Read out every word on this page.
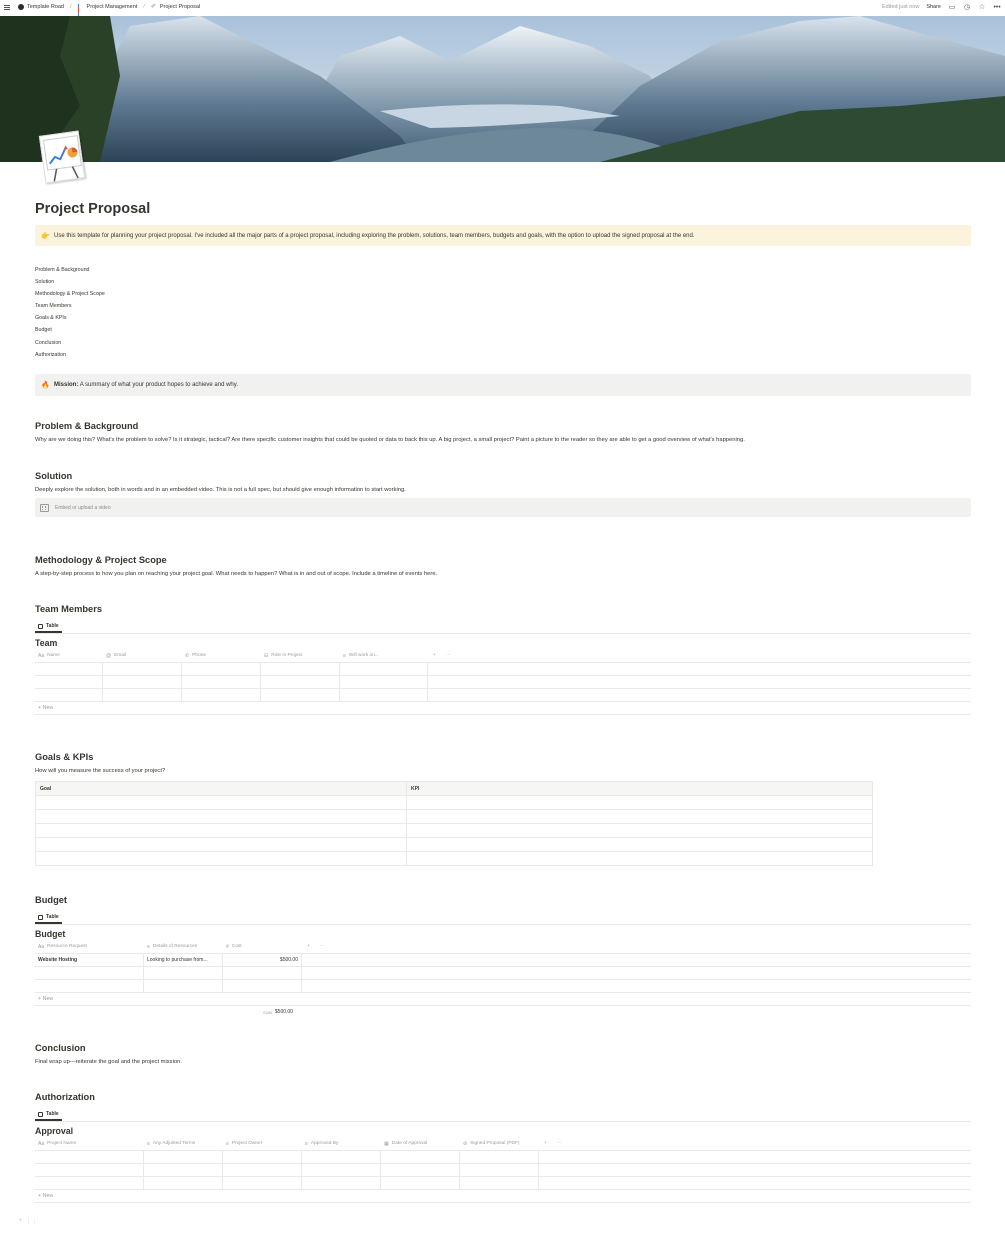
Template Road /	Project Management / ✐ Project Proposal	Edited just now Share ▭ ◷ ☆ •••
Project Proposal
👉 Use this template for planning your project proposal. I've included all the major parts of a project proposal, including exploring the problem, solutions, team members, budgets and goals, with the option to upload the signed proposal at the end.
Problem & Background
Solution
Methodology & Project Scope
Team Members
Goals & KPIs
Budget
Conclusion
Authorization
🔥 Mission: A summary of what your product hopes to achieve and why.
Problem & Background

Why are we doing this? What's the problem to solve? Is it strategic, tactical? Are there specific customer insights that could be quoted or data to back this up. A big project, a small project? Paint a picture to the reader so they are able to get a good overview of what's happening.

Solution

Deeply explore the solution, both in words and in an embedded video. This is not a full spec, but should give enough information to start working.

Embed or upload a video
Methodology & Project Scope

A step-by-step process to how you plan on reaching your project goal. What needs to happen? What is in and out of scope. Include a timeline of events here.

Team Members
Table
Team
Aa Name	@ Email	✆ Phone	⊟ Role in Project	≡ Will work on...	+	···
+ New
Goals & KPIs

How will you measure the success of your project?

Goal	KPI

Budget
Table
Budget
Aa Resource Request	≡ Details of Resources	# Cost	+	···
Website Hosting	Looking to purchase from...	$500.00
+ New
SUM $500.00
Conclusion

Final wrap up—reiterate the goal and the project mission.

Authorization
Table
Approval
Aa Project Name	≡ Any Adjusted Terms	≡ Project Owner	≡ Approved By	▦ Date of Approval	⊘ Signed Proposal (PDF)	+	···
+ New
+ ⋮⋮
